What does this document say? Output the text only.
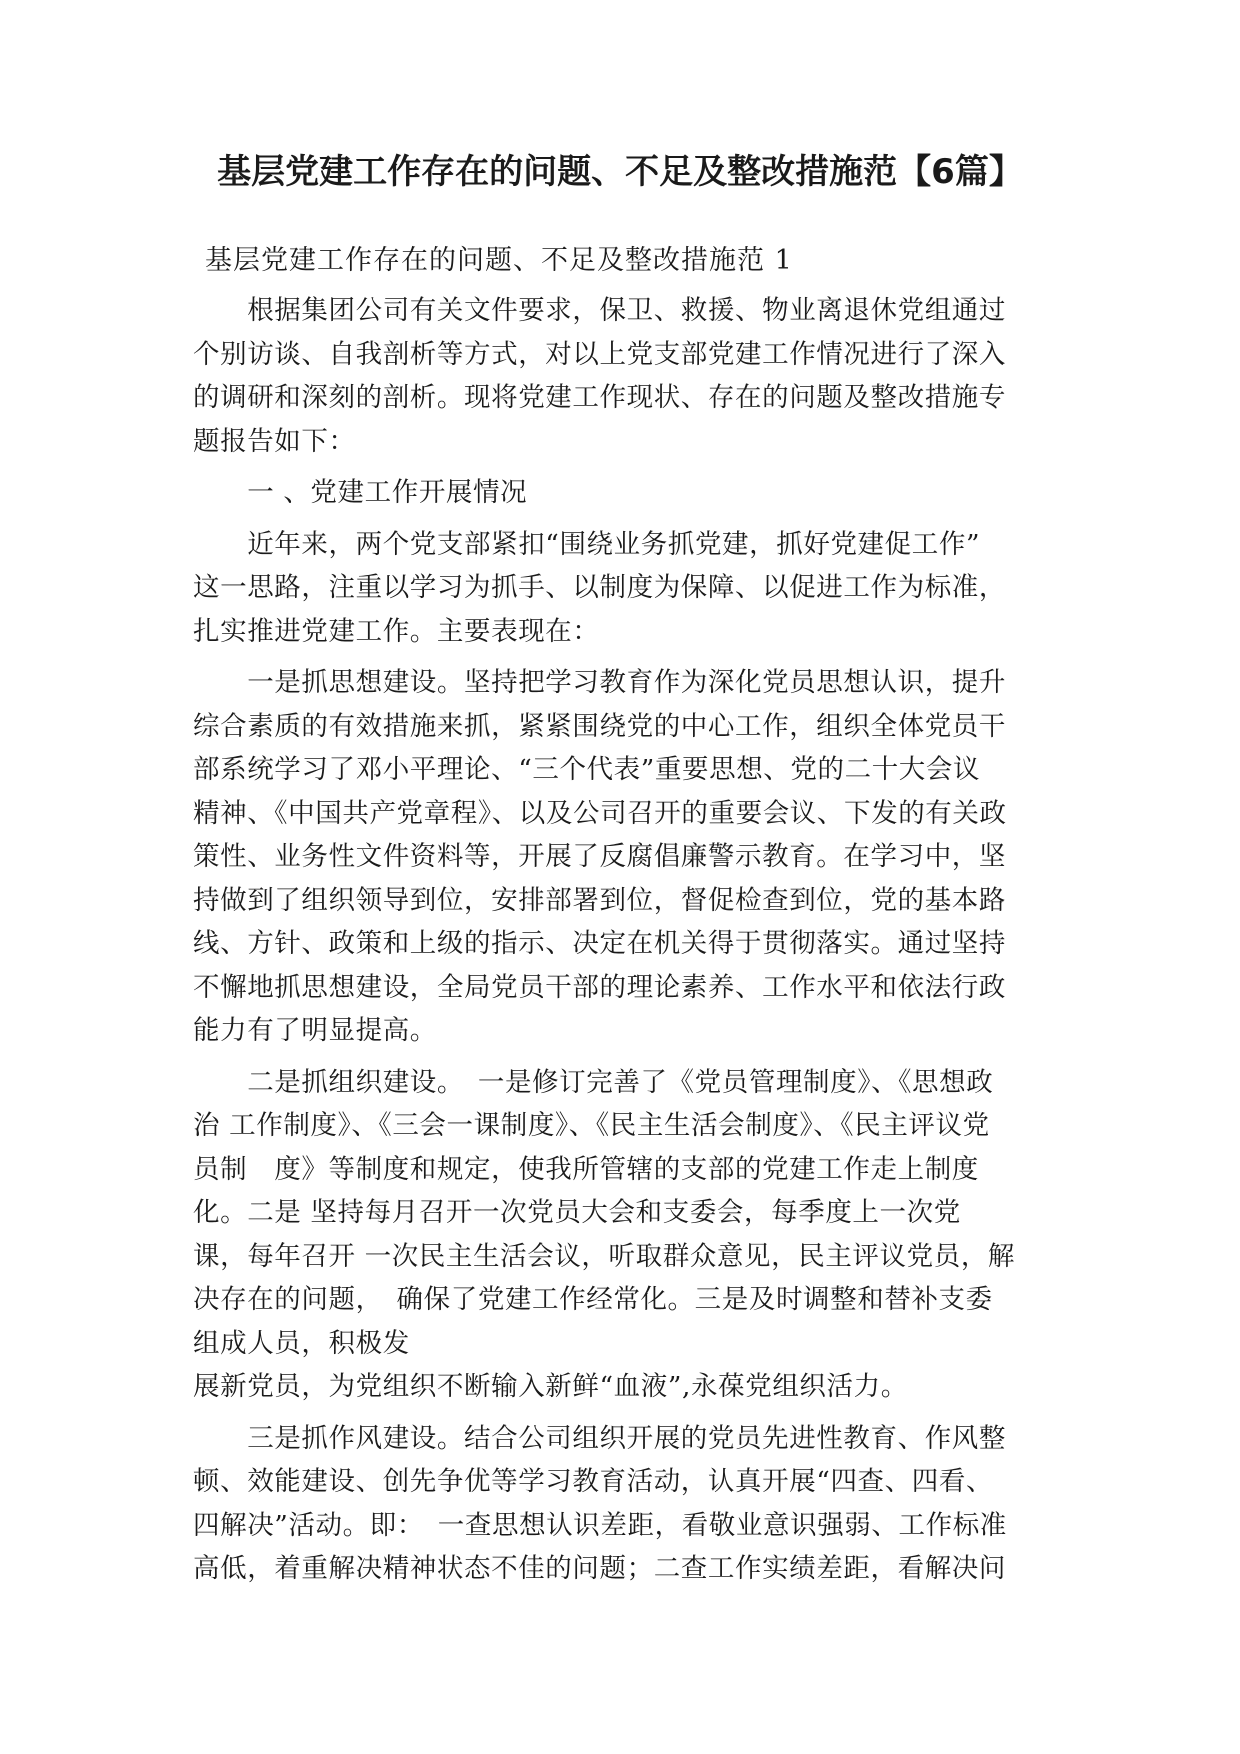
基层党建工作存在的问题、不足及整改措施范【6篇】

基层党建工作存在的问题、不足及整改措施范 1

　　根据集团公司有关文件要求，保卫、救援、物业离退休党组通过
个别访谈、自我剖析等方式，对以上党支部党建工作情况进行了深入
的调研和深刻的剖析。现将党建工作现状、存在的问题及整改措施专
题报告如下：
　　一 、党建工作开展情况
　　近年来，两个党支部紧扣“围绕业务抓党建，抓好党建促工作”
这一思路，注重以学习为抓手、以制度为保障、以促进工作为标准，
扎实推进党建工作。主要表现在：
　　一是抓思想建设。坚持把学习教育作为深化党员思想认识，提升
综合素质的有效措施来抓，紧紧围绕党的中心工作，组织全体党员干
部系统学习了邓小平理论、“三个代表”重要思想、党的二十大会议
精神、《中国共产党章程》、以及公司召开的重要会议、下发的有关政
策性、业务性文件资料等，开展了反腐倡廉警示教育。在学习中，坚
持做到了组织领导到位，安排部署到位，督促检查到位，党的基本路
线、方针、政策和上级的指示、决定在机关得于贯彻落实。通过坚持
不懈地抓思想建设，全局党员干部的理论素养、工作水平和依法行政
能力有了明显提高。
　　二是抓组织建设。　一是修订完善了《党员管理制度》、《思想政
治 工作制度》、《三会一课制度》、《民主生活会制度》、《民主评议党
员制　度》等制度和规定，使我所管辖的支部的党建工作走上制度
化。二是 坚持每月召开一次党员大会和支委会，每季度上一次党
课，每年召开 一次民主生活会议，听取群众意见，民主评议党员，解
决存在的问题，　确保了党建工作经常化。三是及时调整和替补支委
组成人员，积极发
展新党员，为党组织不断输入新鲜“血液”,永葆党组织活力。
　　三是抓作风建设。结合公司组织开展的党员先进性教育、作风整
顿、效能建设、创先争优等学习教育活动，认真开展“四查、四看、
四解决”活动。即：　一查思想认识差距，看敬业意识强弱、工作标准
高低，着重解决精神状态不佳的问题；二查工作实绩差距，看解决问
